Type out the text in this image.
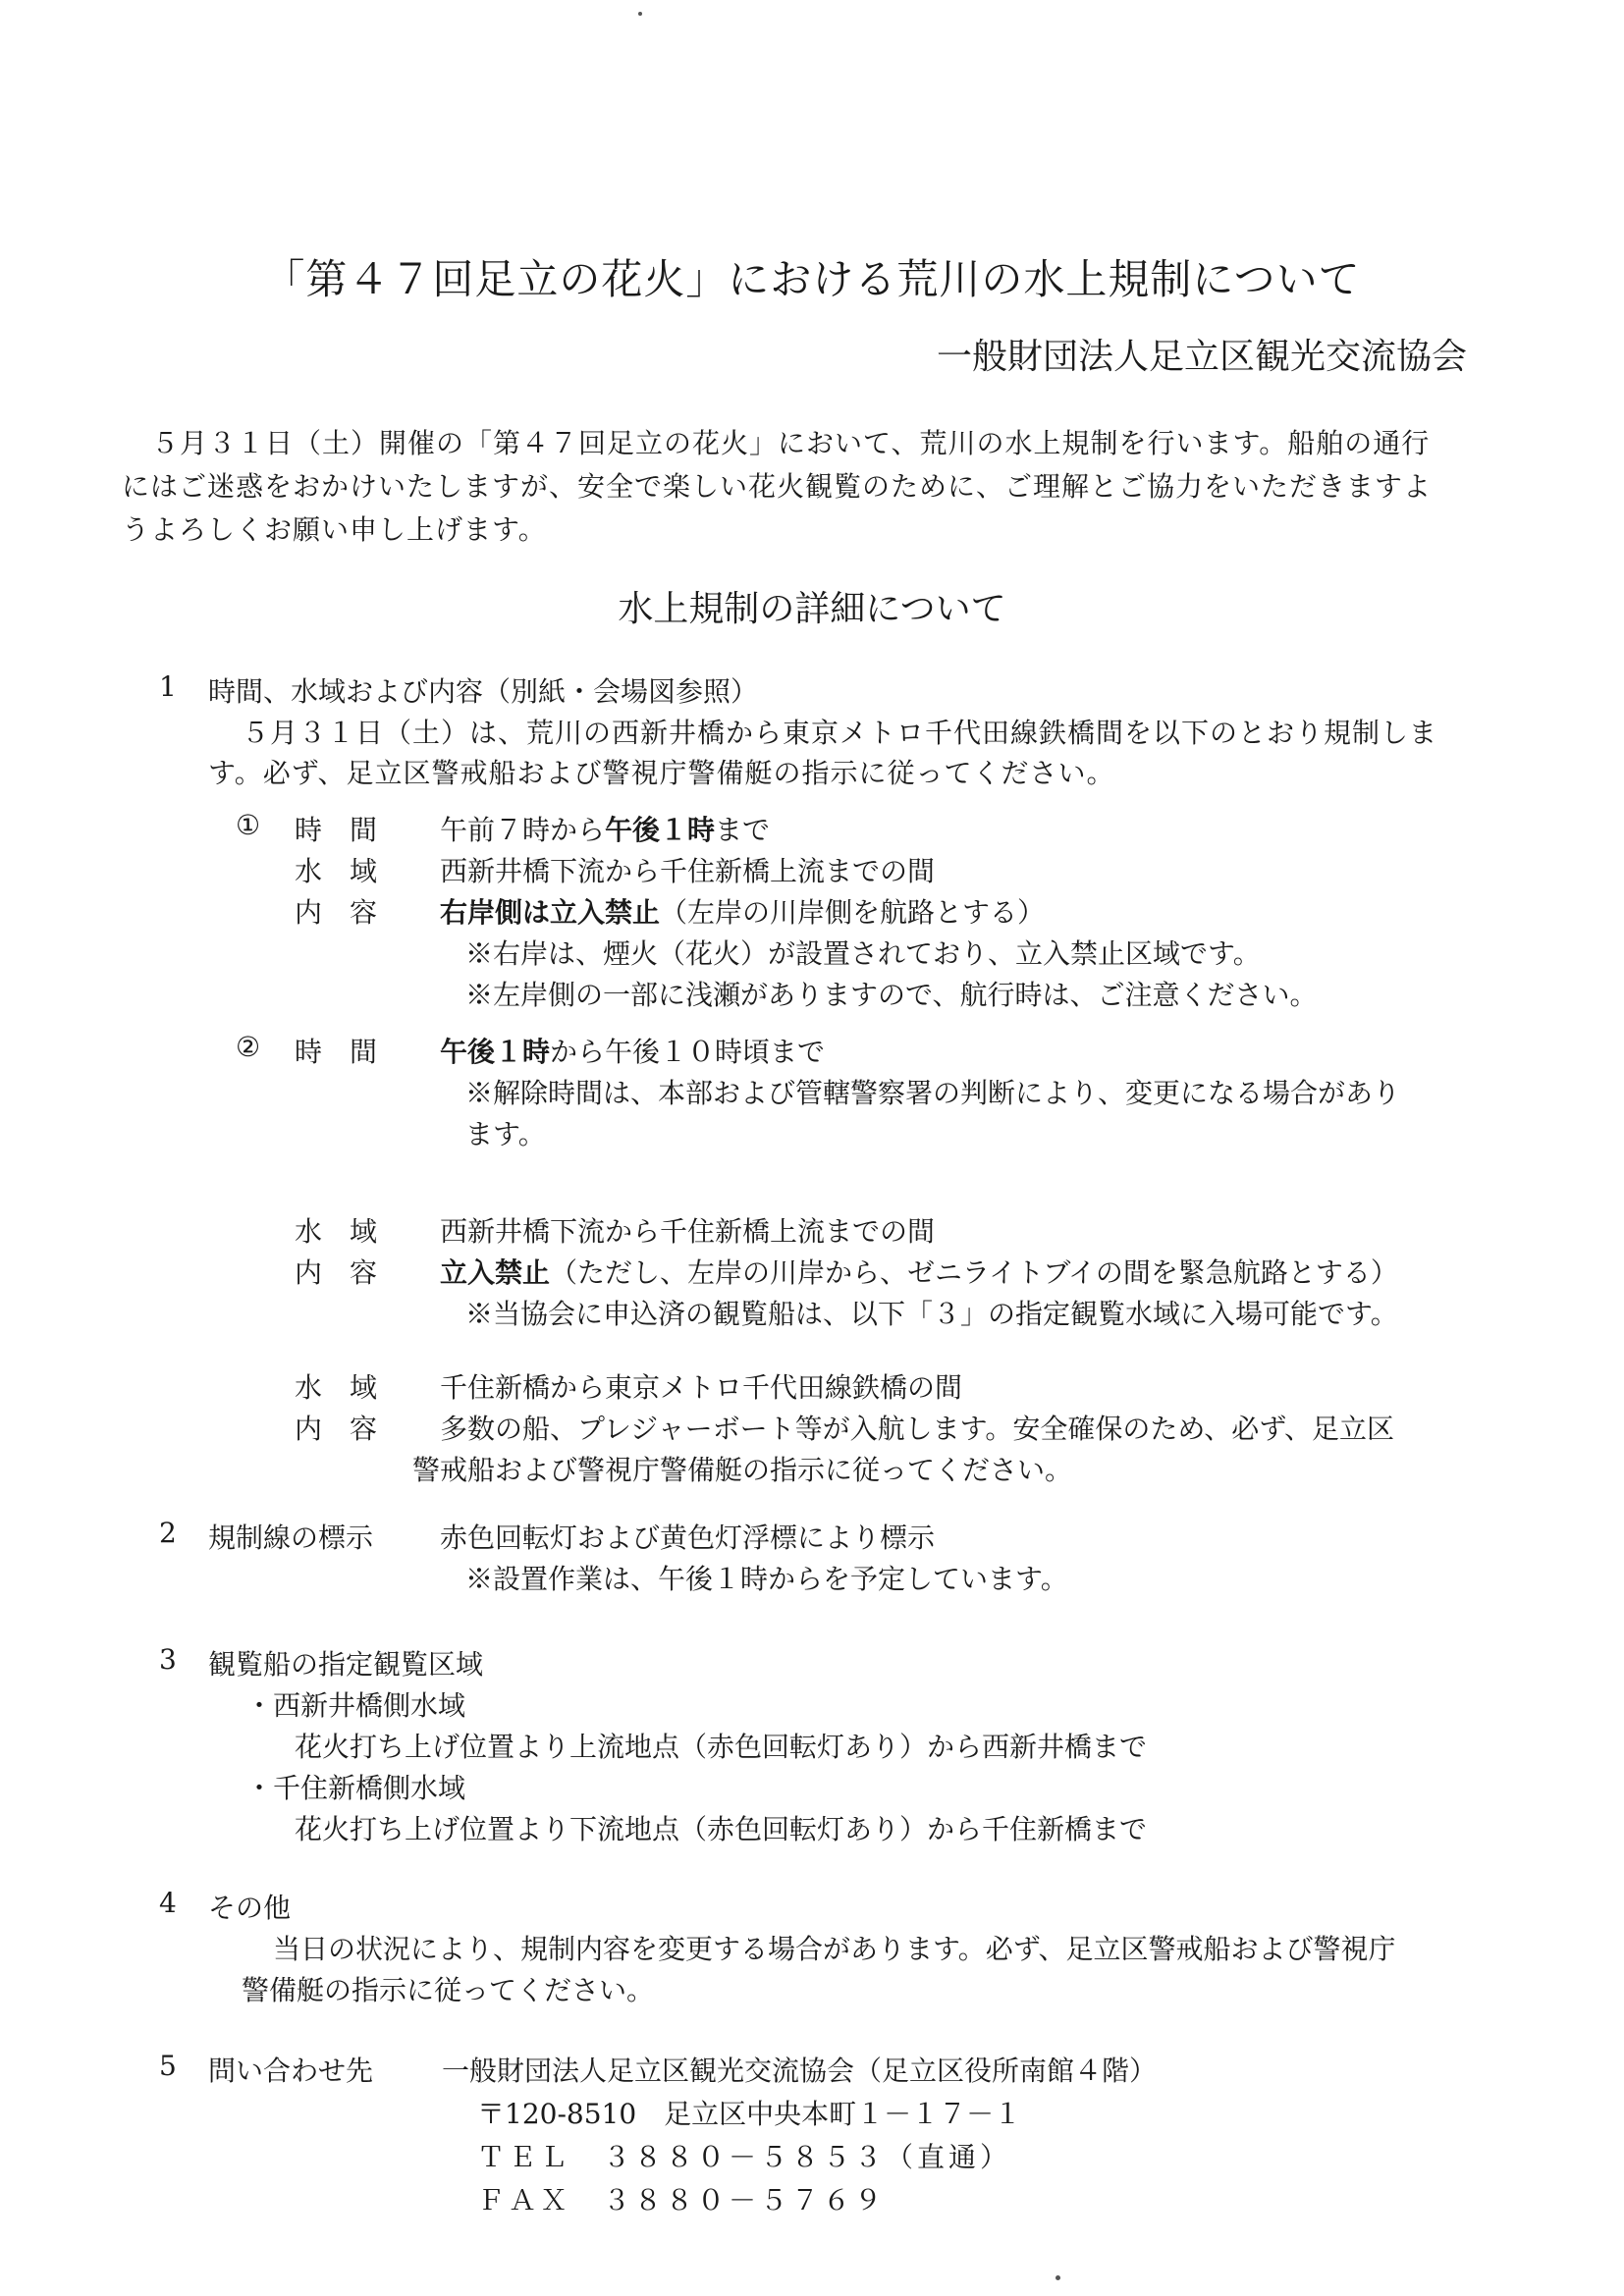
「第４７回足立の花火」における荒川の水上規制について
一般財団法人足立区観光交流協会
５月３１日（土）開催の「第４７回足立の花火」において、荒川の水上規制を行います。船舶の通行
にはご迷惑をおかけいたしますが、安全で楽しい花火観覧のために、ご理解とご協力をいただきますよ
うよろしくお願い申し上げます。
水上規制の詳細について
1 時間、水域および内容（別紙・会場図参照）
５月３１日（土）は、荒川の西新井橋から東京メトロ千代田線鉄橋間を以下のとおり規制しま
す。必ず、足立区警戒船および警視庁警備艇の指示に従ってください。
① 時　間 午前７時から午後１時まで
水　域 西新井橋下流から千住新橋上流までの間
内　容 右岸側は立入禁止（左岸の川岸側を航路とする）
※右岸は、煙火（花火）が設置されており、立入禁止区域です。
※左岸側の一部に浅瀬がありますので、航行時は、ご注意ください。
② 時　間 午後１時から午後１０時頃まで
※解除時間は、本部および管轄警察署の判断により、変更になる場合があり
ます。
水　域 西新井橋下流から千住新橋上流までの間
内　容 立入禁止（ただし、左岸の川岸から、ゼニライトブイの間を緊急航路とする）
※当協会に申込済の観覧船は、以下「３」の指定観覧水域に入場可能です。
水　域 千住新橋から東京メトロ千代田線鉄橋の間
内　容 多数の船、プレジャーボート等が入航します。安全確保のため、必ず、足立区
警戒船および警視庁警備艇の指示に従ってください。
2 規制線の標示 赤色回転灯および黄色灯浮標により標示
※設置作業は、午後１時からを予定しています。
3 観覧船の指定観覧区域
・西新井橋側水域
花火打ち上げ位置より上流地点（赤色回転灯あり）から西新井橋まで
・千住新橋側水域
花火打ち上げ位置より下流地点（赤色回転灯あり）から千住新橋まで
4 その他
当日の状況により、規制内容を変更する場合があります。必ず、足立区警戒船および警視庁
警備艇の指示に従ってください。
5 問い合わせ先 一般財団法人足立区観光交流協会（足立区役所南館４階）
〒120-8510　足立区中央本町１－１７－１
ＴＥＬ　３８８０－５８５３（直通）
ＦＡＸ　３８８０－５７６９
